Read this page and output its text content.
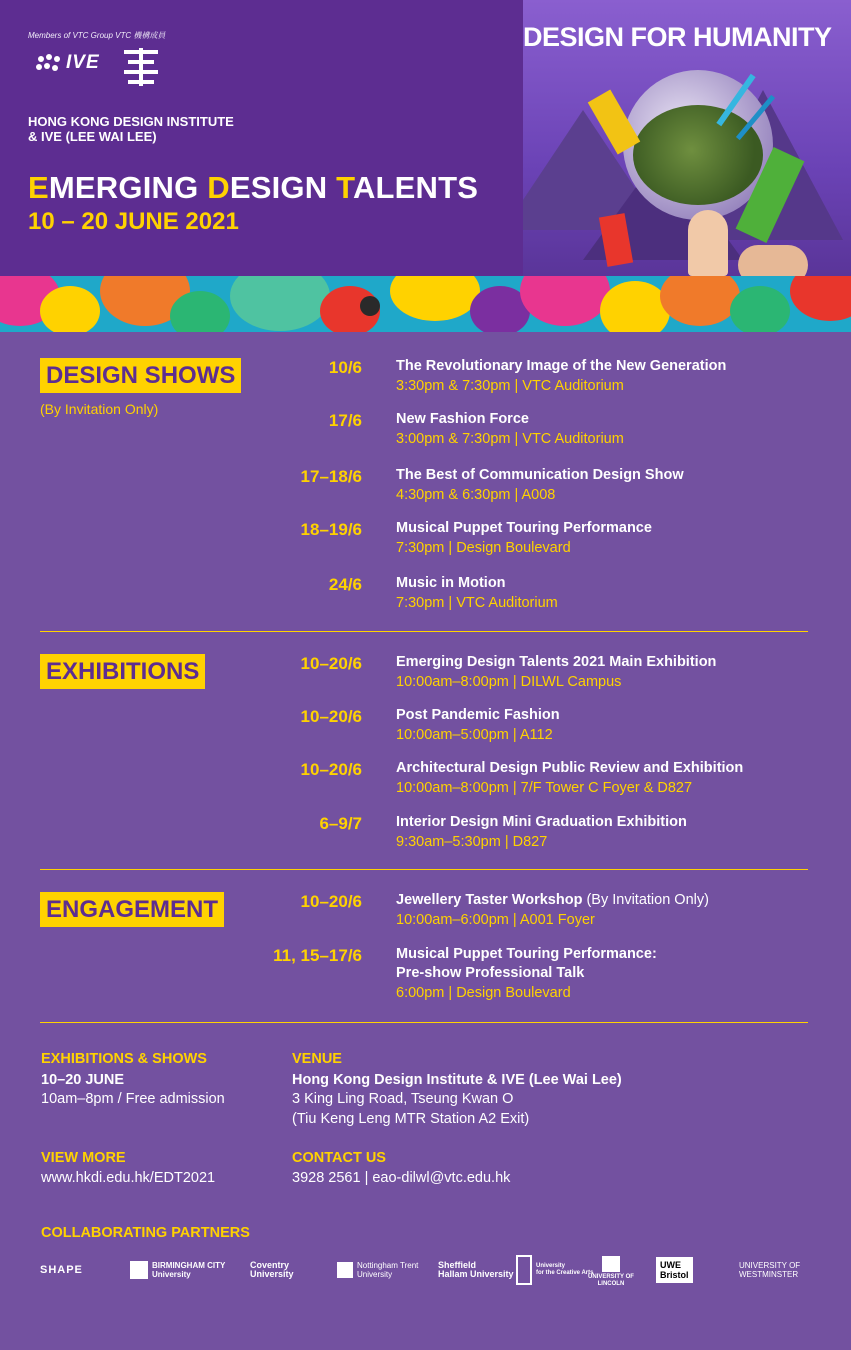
Members of VTC Group VTC 機構成員
IVE
HONG KONG DESIGN INSTITUTE
& IVE (LEE WAI LEE)
EMERGING DESIGN TALENTS
10 – 20 JUNE 2021
DESIGN FOR HUMANITY
DESIGN SHOWS
(By Invitation Only)
10/6 The Revolutionary Image of the New Generation
3:30pm & 7:30pm | VTC Auditorium
17/6 New Fashion Force
3:00pm & 7:30pm | VTC Auditorium
17–18/6 The Best of Communication Design Show
4:30pm & 6:30pm | A008
18–19/6 Musical Puppet Touring Performance
7:30pm | Design Boulevard
24/6 Music in Motion
7:30pm | VTC Auditorium
EXHIBITIONS	10–20/6 Emerging Design Talents 2021 Main Exhibition
10:00am–8:00pm | DILWL Campus
10–20/6 Post Pandemic Fashion
10:00am–5:00pm | A112
10–20/6 Architectural Design Public Review and Exhibition
10:00am–8:00pm | 7/F Tower C Foyer & D827
6–9/7 Interior Design Mini Graduation Exhibition
9:30am–5:30pm | D827
ENGAGEMENT	10–20/6 Jewellery Taster Workshop (By Invitation Only)
10:00am–6:00pm | A001 Foyer
11, 15–17/6 Musical Puppet Touring Performance:
Pre-show Professional Talk
6:00pm | Design Boulevard
EXHIBITIONS & SHOWS
10–20 JUNE
10am–8pm / Free admission
VENUE
Hong Kong Design Institute & IVE (Lee Wai Lee)
3 King Ling Road, Tseung Kwan O
(Tiu Keng Leng MTR Station A2 Exit)
VIEW MORE
www.hkdi.edu.hk/EDT2021
CONTACT US
3928 2561 | eao-dilwl@vtc.edu.hk
COLLABORATING PARTNERS
SHAPE	BIRMINGHAM CITY
University
Coventry
University
Nottingham Trent
University
Sheffield
Hallam University
University
for the Creative Arts
UNIVERSITY OF
LINCOLN
UWE
Bristol
UNIVERSITY OF
WESTMINSTER
